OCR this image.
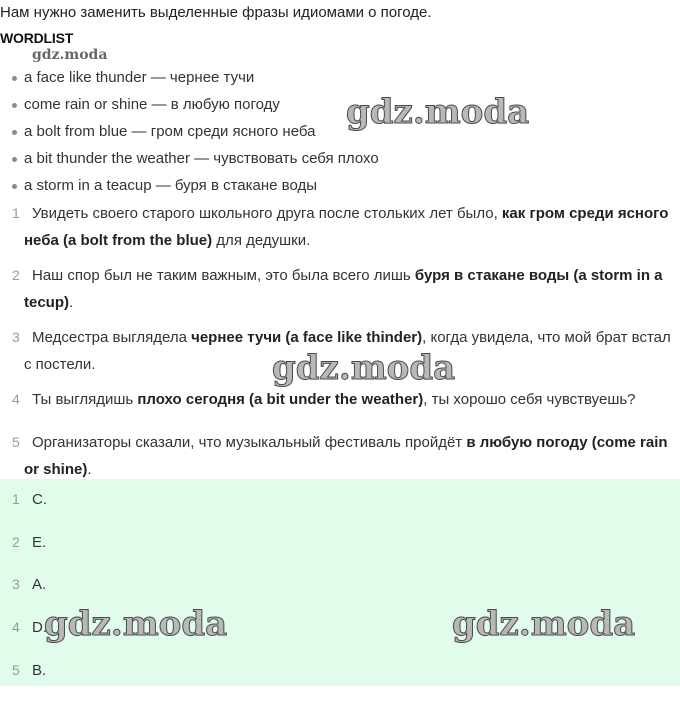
Нам нужно заменить выделенные фразы идиомами о погоде.
WORDLIST
a face like thunder — чернее тучи
come rain or shine — в любую погоду
a bolt from blue — гром среди ясного неба
a bit thunder the weather — чувствовать себя плохо
a storm in a teacup — буря в стакане воды
1 Увидеть своего старого школьного друга после стольких лет было, как гром среди ясного неба (a bolt from the blue) для дедушки.
2 Наш спор был не таким важным, это была всего лишь буря в стакане воды (a storm in a tecup).
3 Медсестра выглядела чернее тучи (a face like thinder), когда увидела, что мой брат встал с постели.
4 Ты выглядишь плохо сегодня (a bit under the weather), ты хорошо себя чувствуешь?
5 Организаторы сказали, что музыкальный фестиваль пройдёт в любую погоду (come rain or shine).
1 C.
2 E.
3 A.
4 D.
5 B.
gdz.moda
gdz.moda
gdz.moda
gdz.moda	gdz.moda
